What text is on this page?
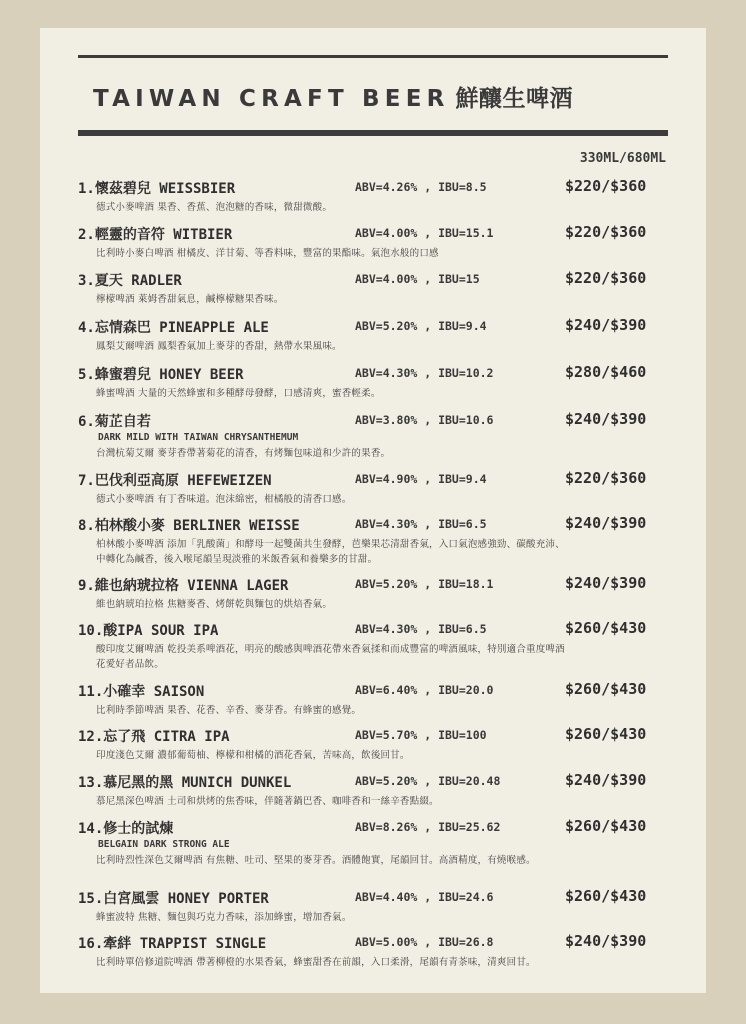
TAIWAN CRAFT BEER 鮮釀生啤酒
330ML/680ML
1.懷茲碧兒 WEISSBIER	ABV=4.26% , IBU=8.5	$220/$360
德式小麥啤酒 果香、香蕉、泡泡糖的香味，微甜微酸。
2.輕靈的音符 WITBIER	ABV=4.00% , IBU=15.1	$220/$360
比利時小麥白啤酒 柑橘皮、洋甘菊、等香料味，豐富的果酯味。氣泡水般的口感
3.夏天 RADLER	ABV=4.00% , IBU=15	$220/$360
檸檬啤酒 萊姆香甜氣息，鹹檸檬糖果香味。
4.忘情森巴 PINEAPPLE ALE	ABV=5.20% , IBU=9.4	$240/$390
鳳梨艾爾啤酒 鳳梨香氣加上麥芽的香甜，熱帶水果風味。
5.蜂蜜碧兒 HONEY BEER	ABV=4.30% , IBU=10.2	$280/$460
蜂蜜啤酒 大量的天然蜂蜜和多種酵母發酵，口感清爽，蜜香輕柔。
6.菊芷自若	ABV=3.80% , IBU=10.6	$240/$390
DARK MILD WITH TAIWAN CHRYSANTHEMUM
台灣杭菊艾爾 麥芽香帶著菊花的清香，有烤麵包味道和少許的果香。
7.巴伐利亞高原 HEFEWEIZEN	ABV=4.90% , IBU=9.4	$220/$360
德式小麥啤酒 有丁香味道。泡沫綿密，柑橘般的清香口感。
8.柏林酸小麥 BERLINER WEISSE	ABV=4.30% , IBU=6.5	$240/$390
柏林酸小麥啤酒 添加「乳酸菌」和酵母一起雙菌共生發酵，芭樂果芯清甜香氣，入口氣泡感強勁、碳酸充沛、中轉化為鹹香，後入喉尾韻呈現淡雅的米飯香氣和養樂多的甘甜。
9.維也納琥拉格 VIENNA LAGER	ABV=5.20% , IBU=18.1	$240/$390
維也納琥珀拉格 焦糖麥香、烤餅乾與麵包的烘焙香氣。
10.酸IPA SOUR IPA	ABV=4.30% , IBU=6.5	$260/$430
酸印度艾爾啤酒 乾投美系啤酒花，明亮的酸感與啤酒花帶來香氣揉和而成豐富的啤酒風味，特別適合重度啤酒花愛好者品飲。
11.小確幸 SAISON	ABV=6.40% , IBU=20.0	$260/$430
比利時季節啤酒 果香、花香、辛香、麥芽香。有蜂蜜的感覺。
12.忘了飛 CITRA IPA	ABV=5.70% , IBU=100	$260/$430
印度淺色艾爾 濃郁葡萄柚、檸檬和柑橘的酒花香氣，苦味高，飲後回甘。
13.慕尼黑的黑 MUNICH DUNKEL	ABV=5.20% , IBU=20.48	$240/$390
慕尼黑深色啤酒 土司和烘烤的焦香味，伴隨著鍋巴香、咖啡香和一絲辛香點綴。
14.修士的試煉	ABV=8.26% , IBU=25.62	$260/$430
BELGAIN DARK STRONG ALE
比利時烈性深色艾爾啤酒 有焦糖、吐司、堅果的麥芽香。酒體飽實，尾韻回甘。高酒精度，有燒喉感。
15.白宮風雲 HONEY PORTER	ABV=4.40% , IBU=24.6	$260/$430
蜂蜜波特 焦糖、麵包與巧克力香味，添加蜂蜜，增加香氣。
16.牽絆 TRAPPIST SINGLE	ABV=5.00% , IBU=26.8	$240/$390
比利時單倍修道院啤酒 帶著柳橙的水果香氣，蜂蜜甜香在前韻，入口柔滑，尾韻有青茶味，清爽回甘。
